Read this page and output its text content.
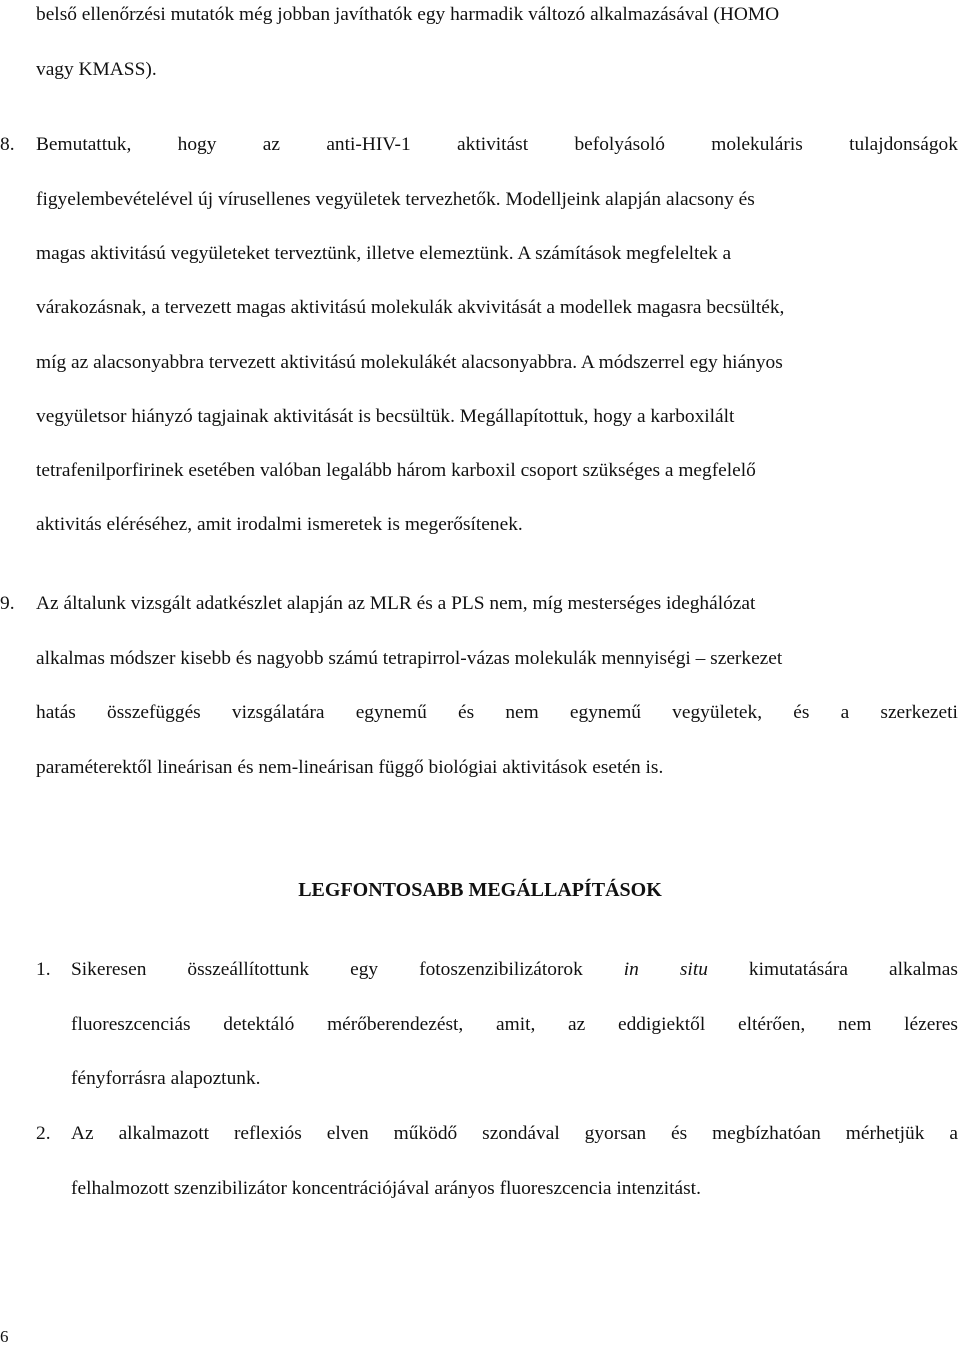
belső ellenőrzési mutatók még jobban javíthatók egy harmadik változó alkalmazásával (HOMO
vagy KMASS).
8. Bemutattuk, hogy az anti-HIV-1 aktivitást befolyásoló molekuláris tulajdonságok
figyelembevételével új vírusellenes vegyületek tervezhetők. Modelljeink alapján alacsony és
magas aktivitású vegyületeket terveztünk, illetve elemeztünk. A számítások megfeleltek a
várakozásnak, a tervezett magas aktivitású molekulák akvivitását a modellek magasra becsülték,
míg az alacsonyabbra tervezett aktivitású molekulákét alacsonyabbra. A módszerrel egy hiányos
vegyületsor hiányzó tagjainak aktivitását is becsültük. Megállapítottuk, hogy a karboxilált
tetrafenilporfirinek esetében valóban legalább három karboxil csoport szükséges a megfelelő
aktivitás eléréséhez, amit irodalmi ismeretek is megerősítenek.
9. Az általunk vizsgált adatkészlet alapján az MLR és a PLS nem, míg mesterséges ideghálózat
alkalmas módszer kisebb és nagyobb számú tetrapirrol-vázas molekulák mennyiségi – szerkezet
hatás összefüggés vizsgálatára egynemű és nem egynemű vegyületek, és a szerkezeti
paraméterektől lineárisan és nem-lineárisan függő biológiai aktivitások esetén is.
LEGFONTOSABB MEGÁLLAPÍTÁSOK
1. Sikeresen összeállítottunk egy fotoszenzibilizátorok in situ kimutatására alkalmas
fluoreszcenciás detektáló mérőberendezést, amit, az eddigiektől eltérően, nem lézeres
fényforrásra alapoztunk.
2. Az alkalmazott reflexiós elven működő szondával gyorsan és megbízhatóan mérhetjük a
felhalmozott szenzibilizátor koncentrációjával arányos fluoreszcencia intenzitást.
6
